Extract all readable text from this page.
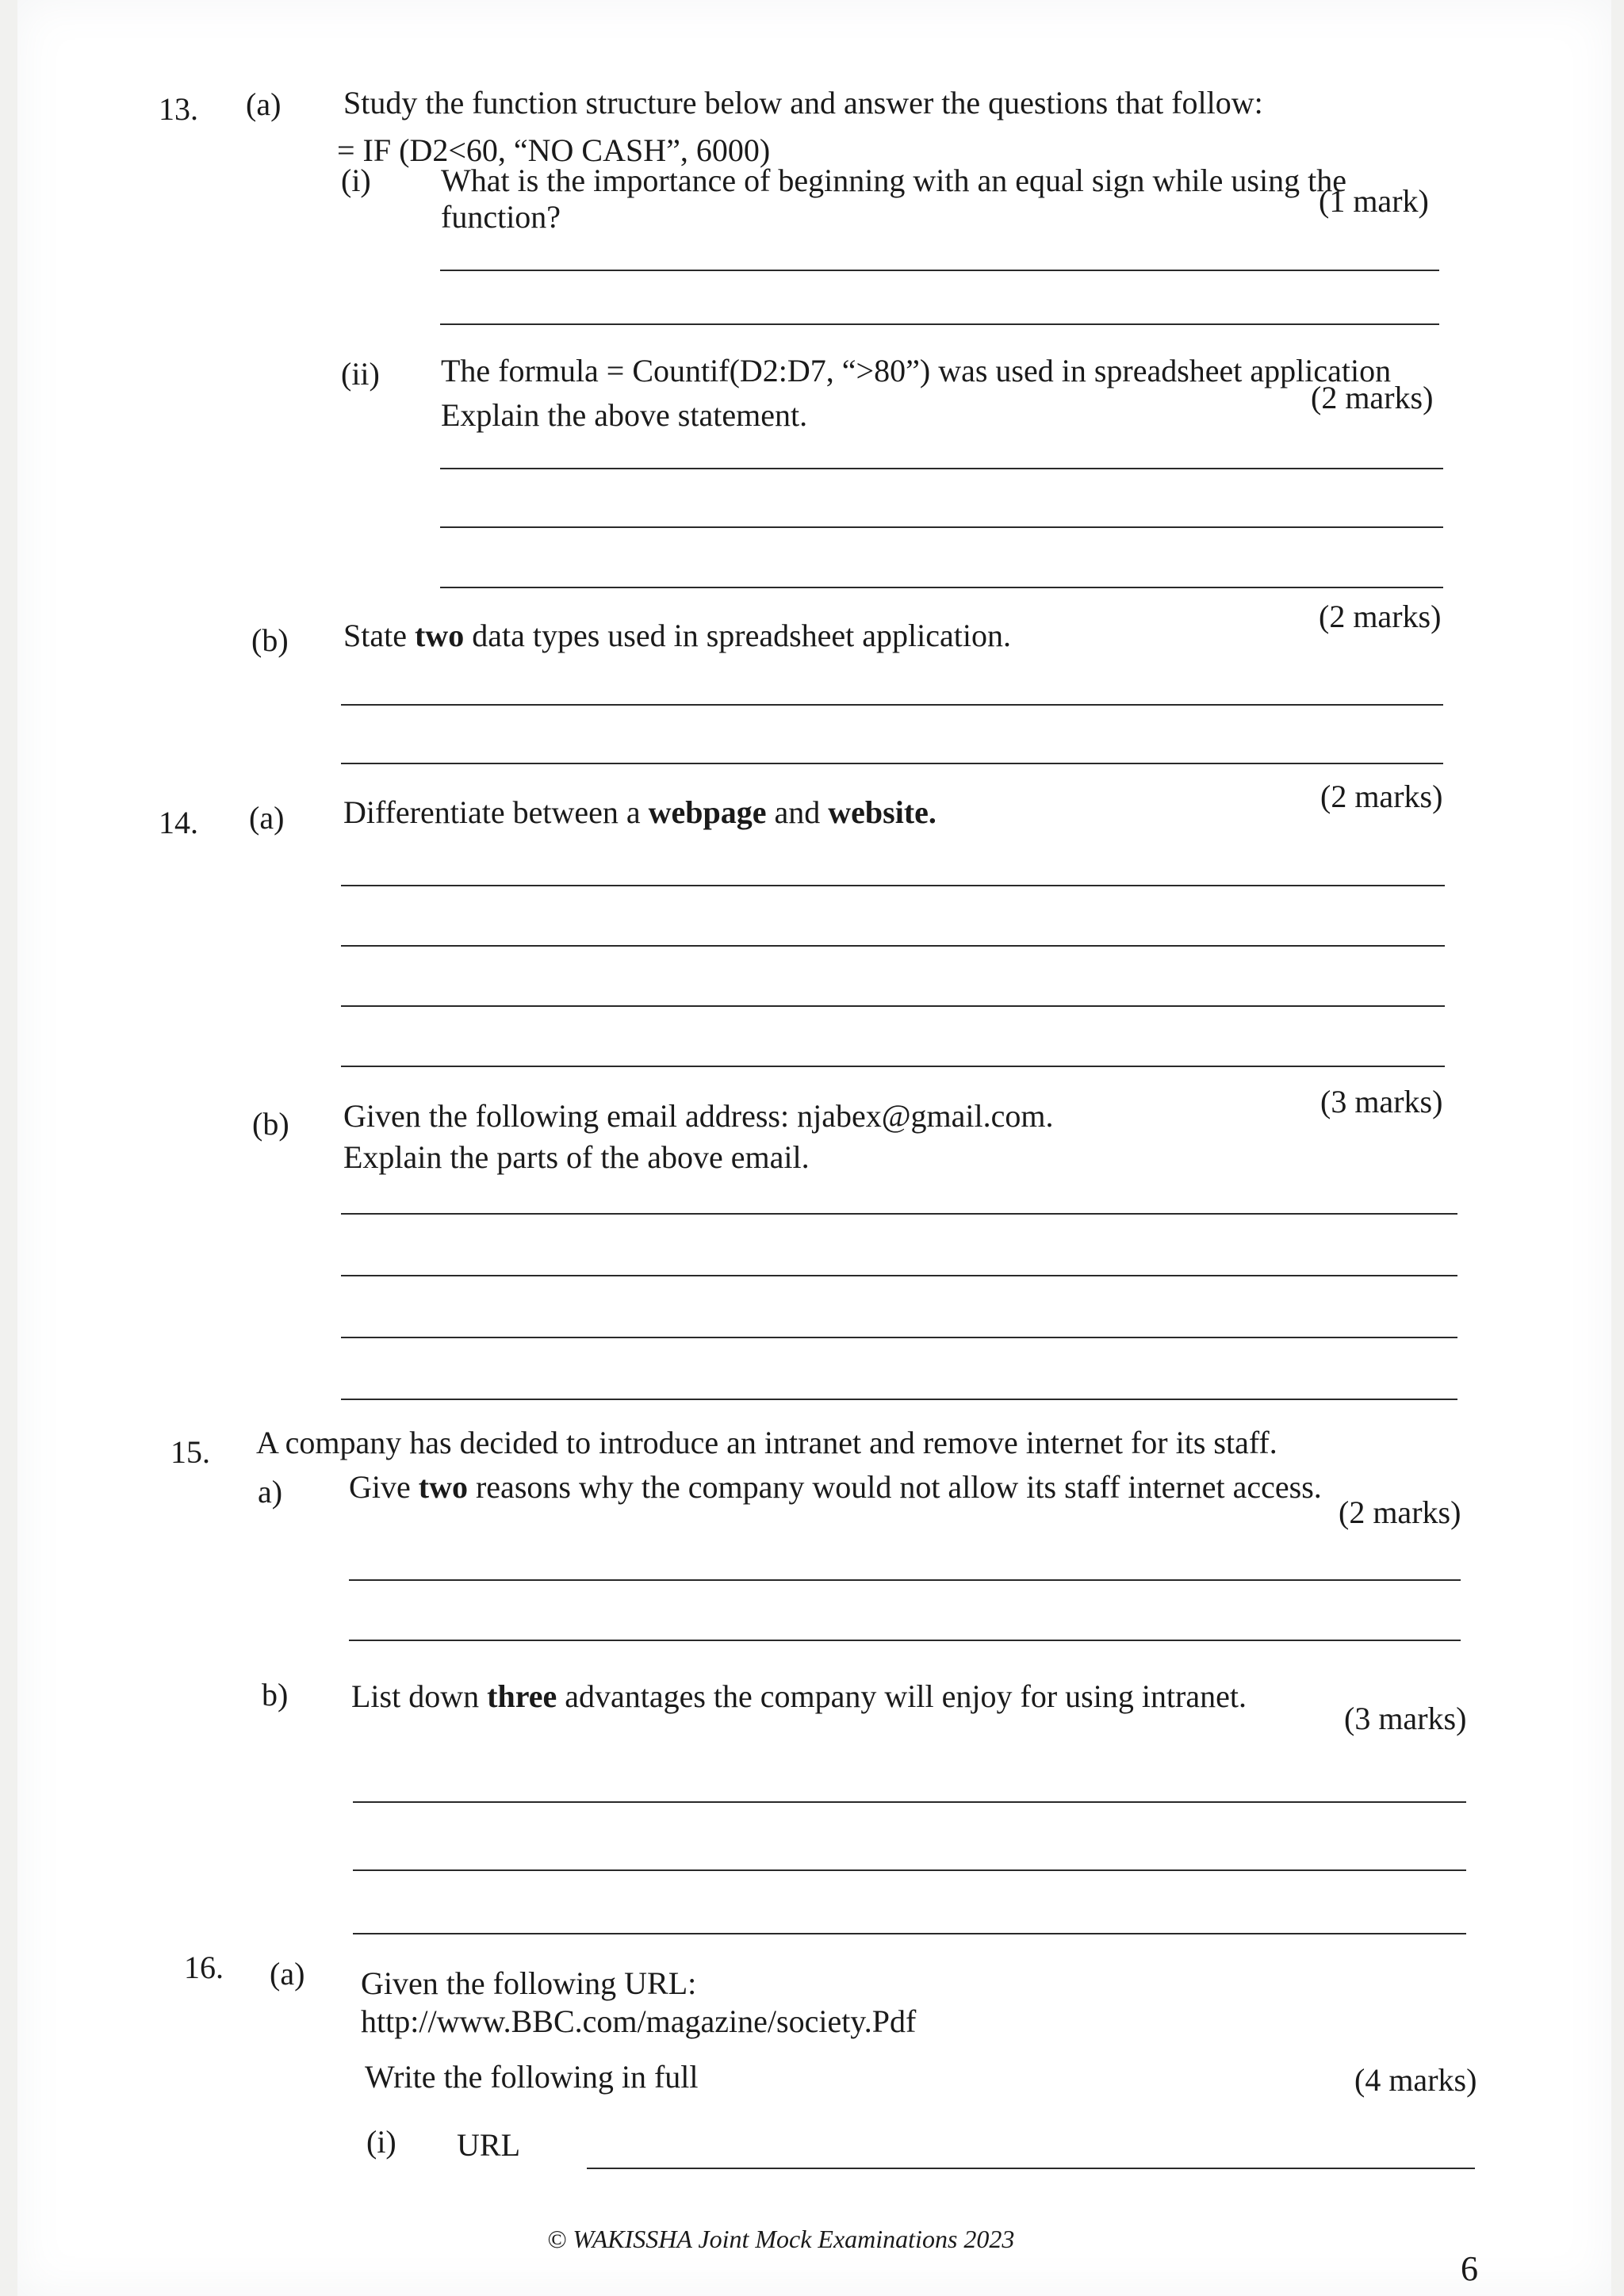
13. (a) Study the function structure below and answer the questions that follow:
= IF (D2<60, “NO CASH”, 6000)
(i) What is the importance of beginning with an equal sign while using the
function?	(1 mark)
(ii) The formula = Countif(D2:D7, “>80”) was used in spreadsheet application
Explain the above statement.	(2 marks)
(b) State two data types used in spreadsheet application.
(2 marks)
14. (a) Differentiate between a webpage and website.	(2 marks)
(b) Given the following email address: njabex@gmail.com.
Explain the parts of the above email.
(3 marks)
15. A company has decided to introduce an intranet and remove internet for its staff.
a) Give two reasons why the company would not allow its staff internet access.
(2 marks)
b) List down three advantages the company will enjoy for using intranet.
(3 marks)
16. (a) Given the following URL:
http://www.BBC.com/magazine/society.Pdf
Write the following in full	(4 marks)
(i) URL
© WAKISSHA Joint Mock Examinations 2023
6
